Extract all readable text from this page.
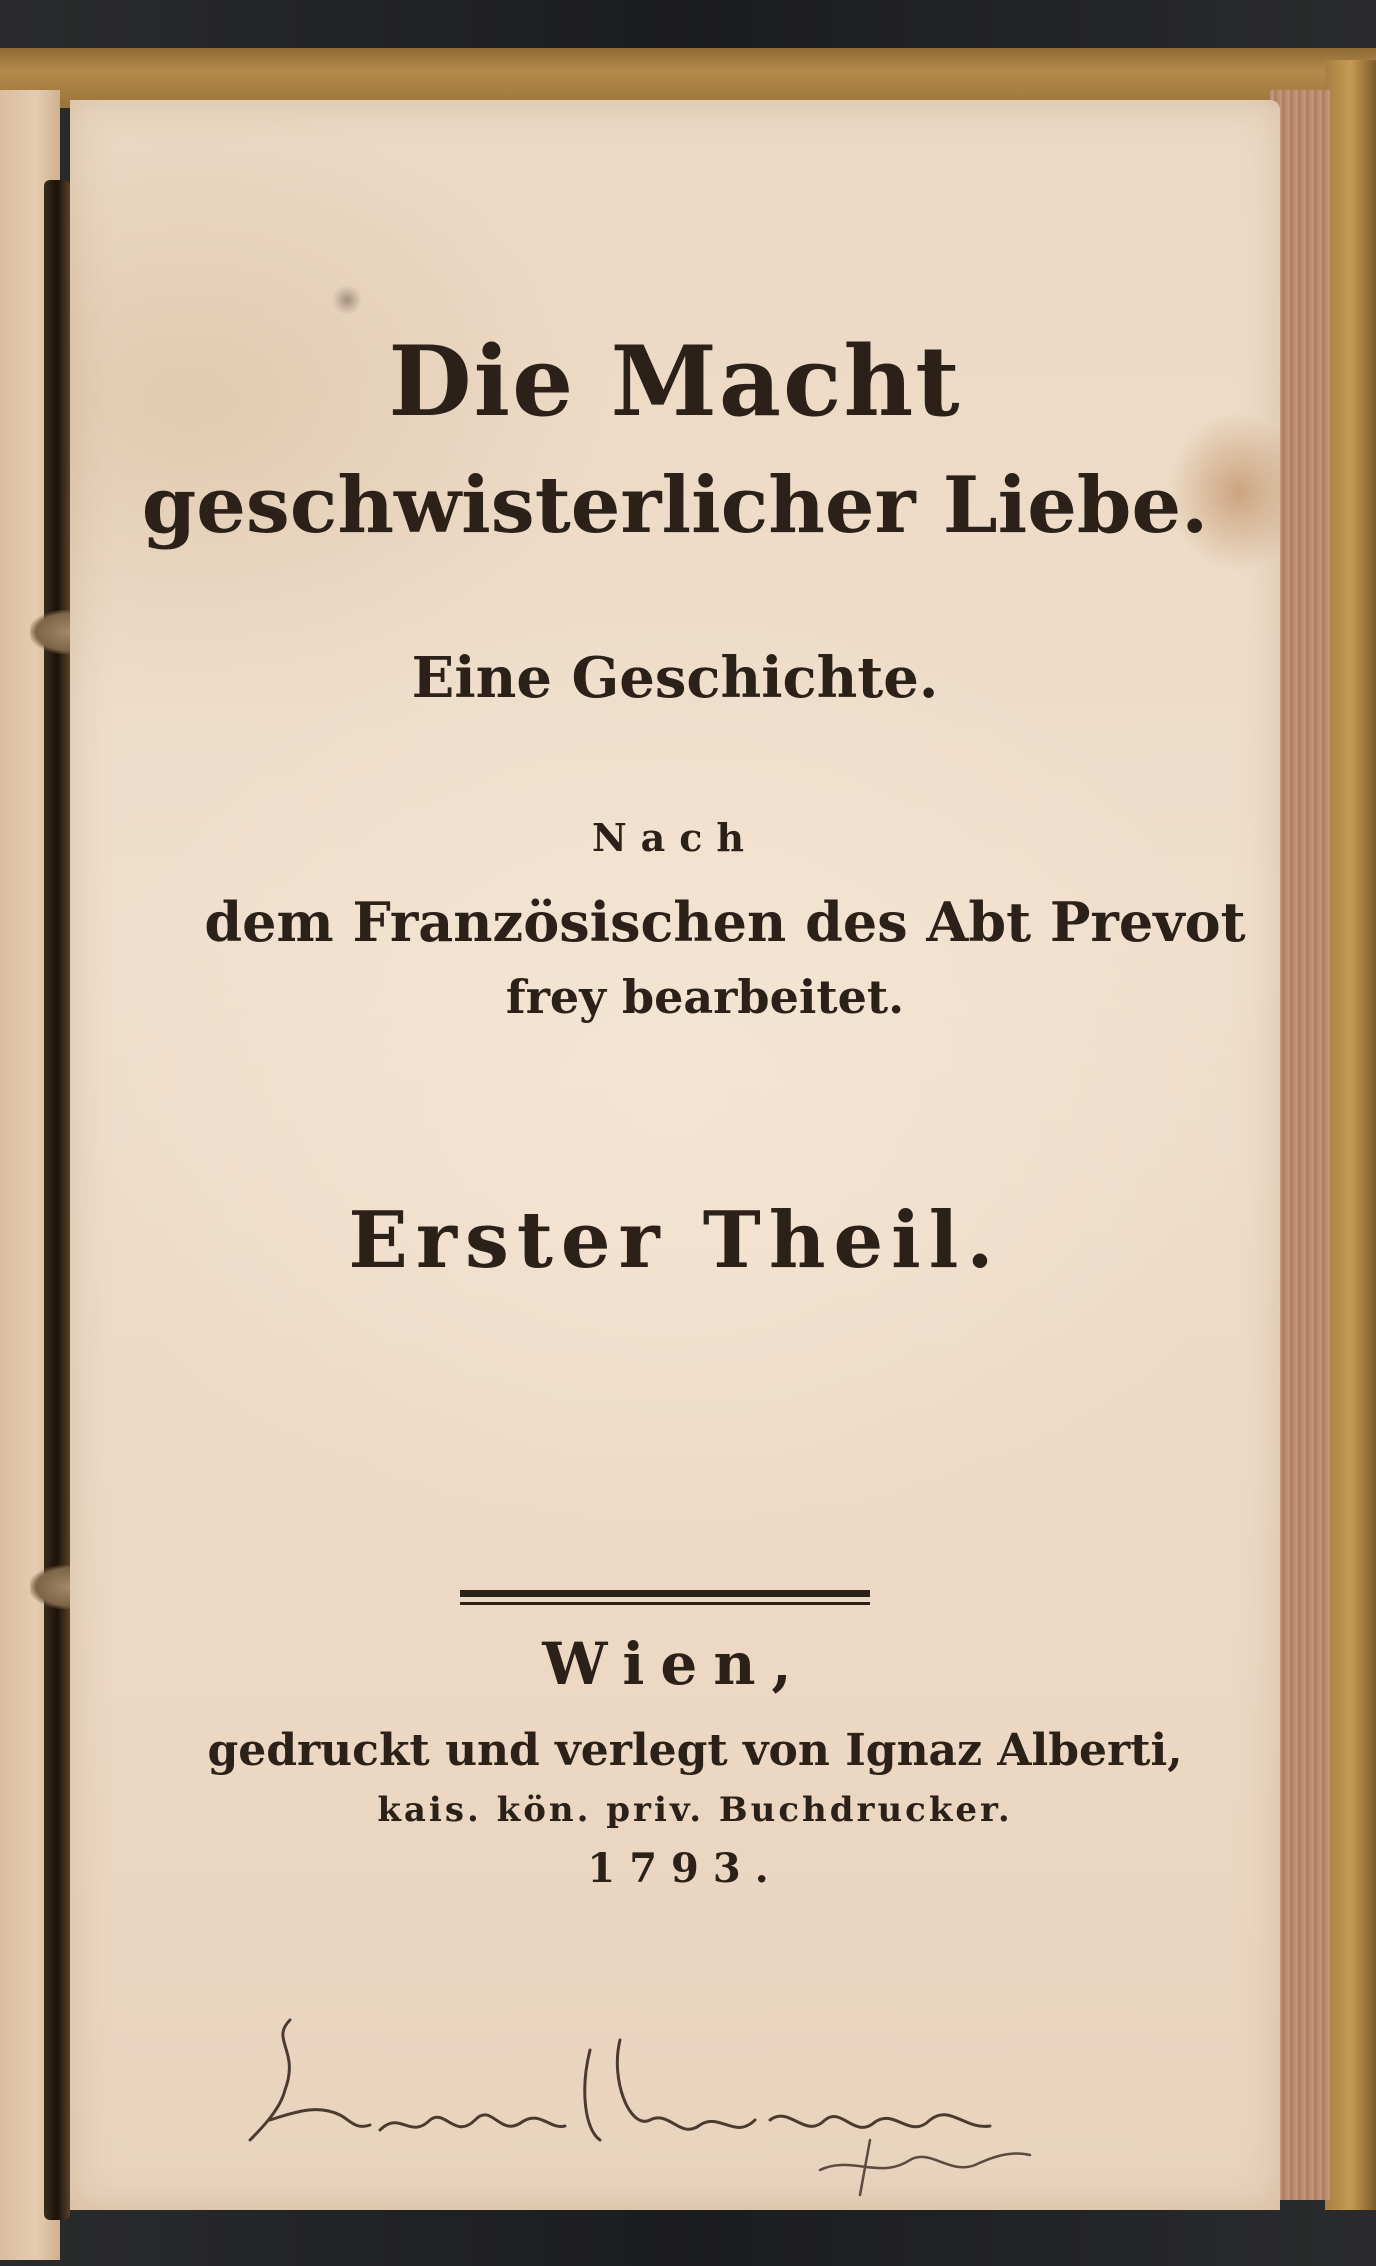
Die Macht
geschwisterlicher Liebe.
Eine Geschichte.
Nach
dem Französischen des Abt Prevot
frey bearbeitet.
Erster Theil.
Wien,
gedruckt und verlegt von Ignaz Alberti,
kais. kön. priv. Buchdrucker.
1793.
